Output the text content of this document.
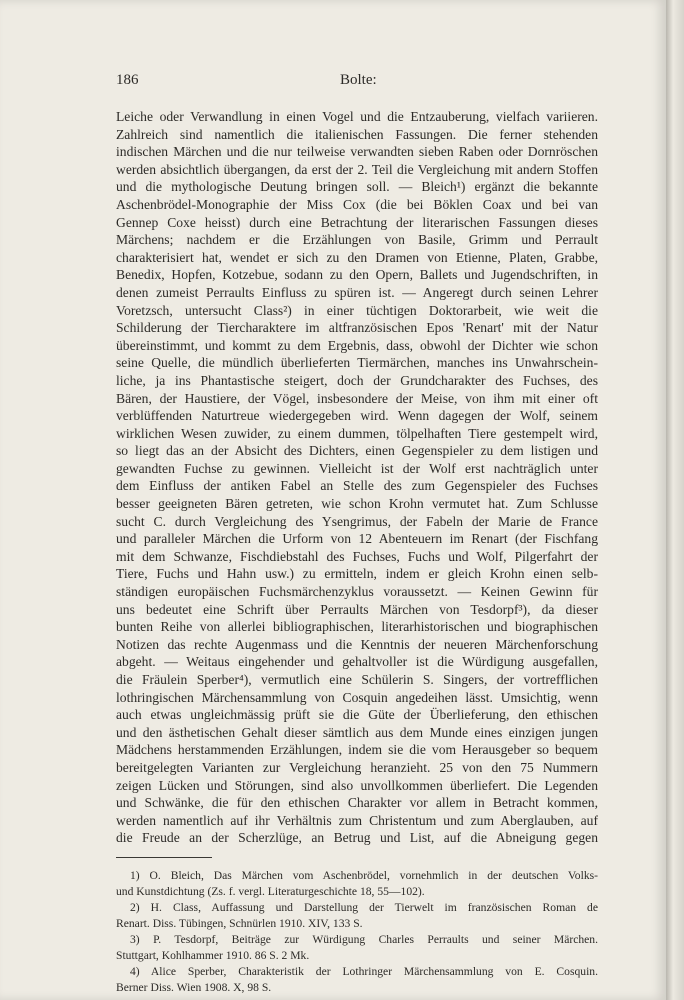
186	Bolte:
Leiche oder Verwandlung in einen Vogel und die Entzauberung, vielfach variieren.
Zahlreich sind namentlich die italienischen Fassungen. Die ferner stehenden
indischen Märchen und die nur teilweise verwandten sieben Raben oder Dornröschen
werden absichtlich übergangen, da erst der 2. Teil die Vergleichung mit andern Stoffen
und die mythologische Deutung bringen soll. — Bleich¹) ergänzt die bekannte
Aschenbrödel-Monographie der Miss Cox (die bei Böklen Coax und bei van
Gennep Coxe heisst) durch eine Betrachtung der literarischen Fassungen dieses
Märchens; nachdem er die Erzählungen von Basile, Grimm und Perrault
charakterisiert hat, wendet er sich zu den Dramen von Etienne, Platen, Grabbe,
Benedix, Hopfen, Kotzebue, sodann zu den Opern, Ballets und Jugendschriften, in
denen zumeist Perraults Einfluss zu spüren ist. — Angeregt durch seinen Lehrer
Voretzsch, untersucht Class²) in einer tüchtigen Doktorarbeit, wie weit die
Schilderung der Tiercharaktere im altfranzösischen Epos 'Renart' mit der Natur
übereinstimmt, und kommt zu dem Ergebnis, dass, obwohl der Dichter wie schon
seine Quelle, die mündlich überlieferten Tiermärchen, manches ins Unwahrschein-
liche, ja ins Phantastische steigert, doch der Grundcharakter des Fuchses, des
Bären, der Haustiere, der Vögel, insbesondere der Meise, von ihm mit einer oft
verblüffenden Naturtreue wiedergegeben wird. Wenn dagegen der Wolf, seinem
wirklichen Wesen zuwider, zu einem dummen, tölpelhaften Tiere gestempelt wird,
so liegt das an der Absicht des Dichters, einen Gegenspieler zu dem listigen und
gewandten Fuchse zu gewinnen. Vielleicht ist der Wolf erst nachträglich unter
dem Einfluss der antiken Fabel an Stelle des zum Gegenspieler des Fuchses
besser geeigneten Bären getreten, wie schon Krohn vermutet hat. Zum Schlusse
sucht C. durch Vergleichung des Ysengrimus, der Fabeln der Marie de France
und paralleler Märchen die Urform von 12 Abenteuern im Renart (der Fischfang
mit dem Schwanze, Fischdiebstahl des Fuchses, Fuchs und Wolf, Pilgerfahrt der
Tiere, Fuchs und Hahn usw.) zu ermitteln, indem er gleich Krohn einen selb-
ständigen europäischen Fuchsmärchenzyklus voraussetzt. — Keinen Gewinn für
uns bedeutet eine Schrift über Perraults Märchen von Tesdorpf³), da dieser
bunten Reihe von allerlei bibliographischen, literarhistorischen und biographischen
Notizen das rechte Augenmass und die Kenntnis der neueren Märchenforschung
abgeht. — Weitaus eingehender und gehaltvoller ist die Würdigung ausgefallen,
die Fräulein Sperber⁴), vermutlich eine Schülerin S. Singers, der vortrefflichen
lothringischen Märchensammlung von Cosquin angedeihen lässt. Umsichtig, wenn
auch etwas ungleichmässig prüft sie die Güte der Überlieferung, den ethischen
und den ästhetischen Gehalt dieser sämtlich aus dem Munde eines einzigen jungen
Mädchens herstammenden Erzählungen, indem sie die vom Herausgeber so bequem
bereitgelegten Varianten zur Vergleichung heranzieht. 25 von den 75 Nummern
zeigen Lücken und Störungen, sind also unvollkommen überliefert. Die Legenden
und Schwänke, die für den ethischen Charakter vor allem in Betracht kommen,
werden namentlich auf ihr Verhältnis zum Christentum und zum Aberglauben, auf
die Freude an der Scherzlüge, an Betrug und List, auf die Abneigung gegen
1) O. Bleich, Das Märchen vom Aschenbrödel, vornehmlich in der deutschen Volks-
und Kunstdichtung (Zs. f. vergl. Literaturgeschichte 18, 55—102).
2) H. Class, Auffassung und Darstellung der Tierwelt im französischen Roman de
Renart. Diss. Tübingen, Schnürlen 1910. XIV, 133 S.
3) P. Tesdorpf, Beiträge zur Würdigung Charles Perraults und seiner Märchen.
Stuttgart, Kohlhammer 1910. 86 S. 2 Mk.
4) Alice Sperber, Charakteristik der Lothringer Märchensammlung von E. Cosquin.
Berner Diss. Wien 1908. X, 98 S.
